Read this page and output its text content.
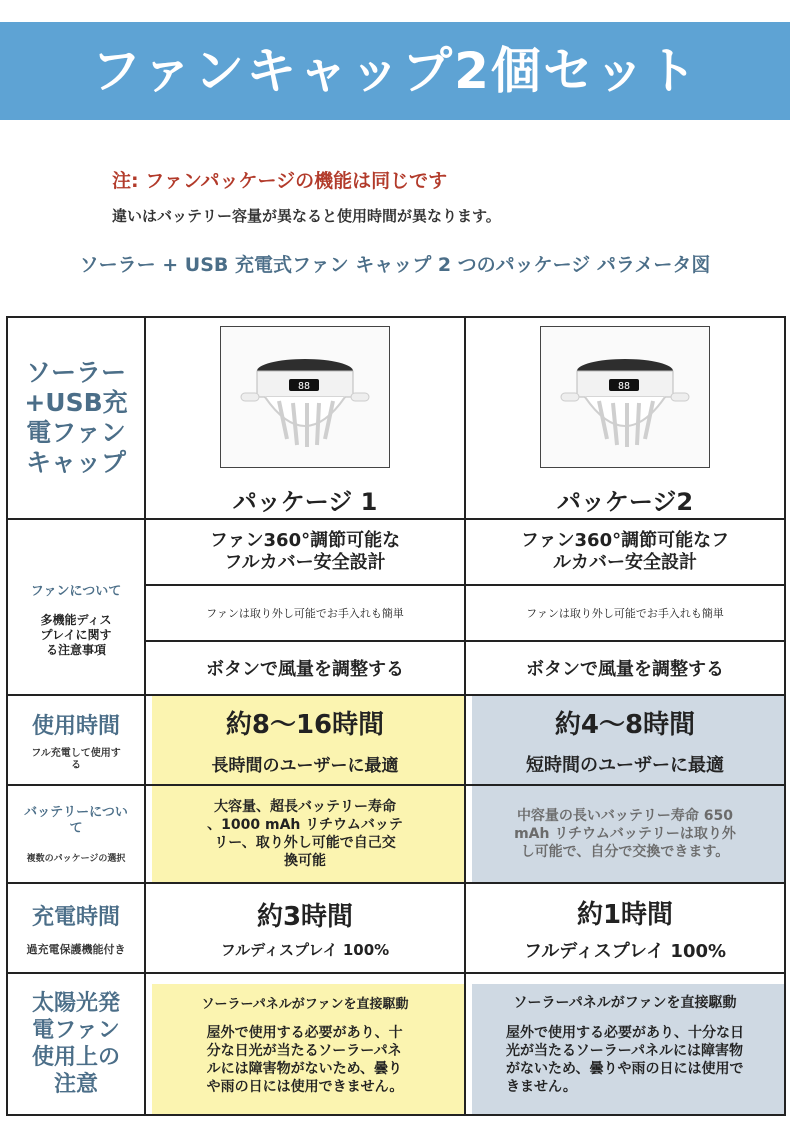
ファンキャップ2個セット
注: ファンパッケージの機能は同じです
違いはバッテリー容量が異なると使用時間が異なります。
ソーラー + USB 充電式ファン キャップ 2 つのパッケージ パラメータ図
ソーラー
+USB充
電ファン
キャップ
88
パッケージ 1
88
パッケージ2
ファンについて
多機能ディス
プレイに関す
る注意事項
ファン360°調節可能な
フルカバー安全設計
ファン360°調節可能なフ
ルカバー安全設計
ファンは取り外し可能でお手入れも簡単	ファンは取り外し可能でお手入れも簡単
ボタンで風量を調整する	ボタンで風量を調整する
使用時間
フル充電して使用す
る
約8～16時間
長時間のユーザーに最適
約4～8時間
短時間のユーザーに最適
バッテリーについ
て
複数のパッケージの選択
大容量、超長バッテリー寿命
、1000 mAh リチウムバッテ
リー、取り外し可能で自己交
換可能
中容量の長いバッテリー寿命 650
mAh リチウムバッテリーは取り外
し可能で、自分で交換できます。
充電時間
過充電保護機能付き
約3時間
フルディスプレイ 100%
約1時間
フルディスプレイ 100%
太陽光発
電ファン
使用上の
注意
ソーラーパネルがファンを直接駆動
屋外で使用する必要があり、十
分な日光が当たるソーラーパネ
ルには障害物がないため、曇り
や雨の日には使用できません。
ソーラーパネルがファンを直接駆動
屋外で使用する必要があり、十分な日
光が当たるソーラーパネルには障害物
がないため、曇りや雨の日には使用で
きません。
